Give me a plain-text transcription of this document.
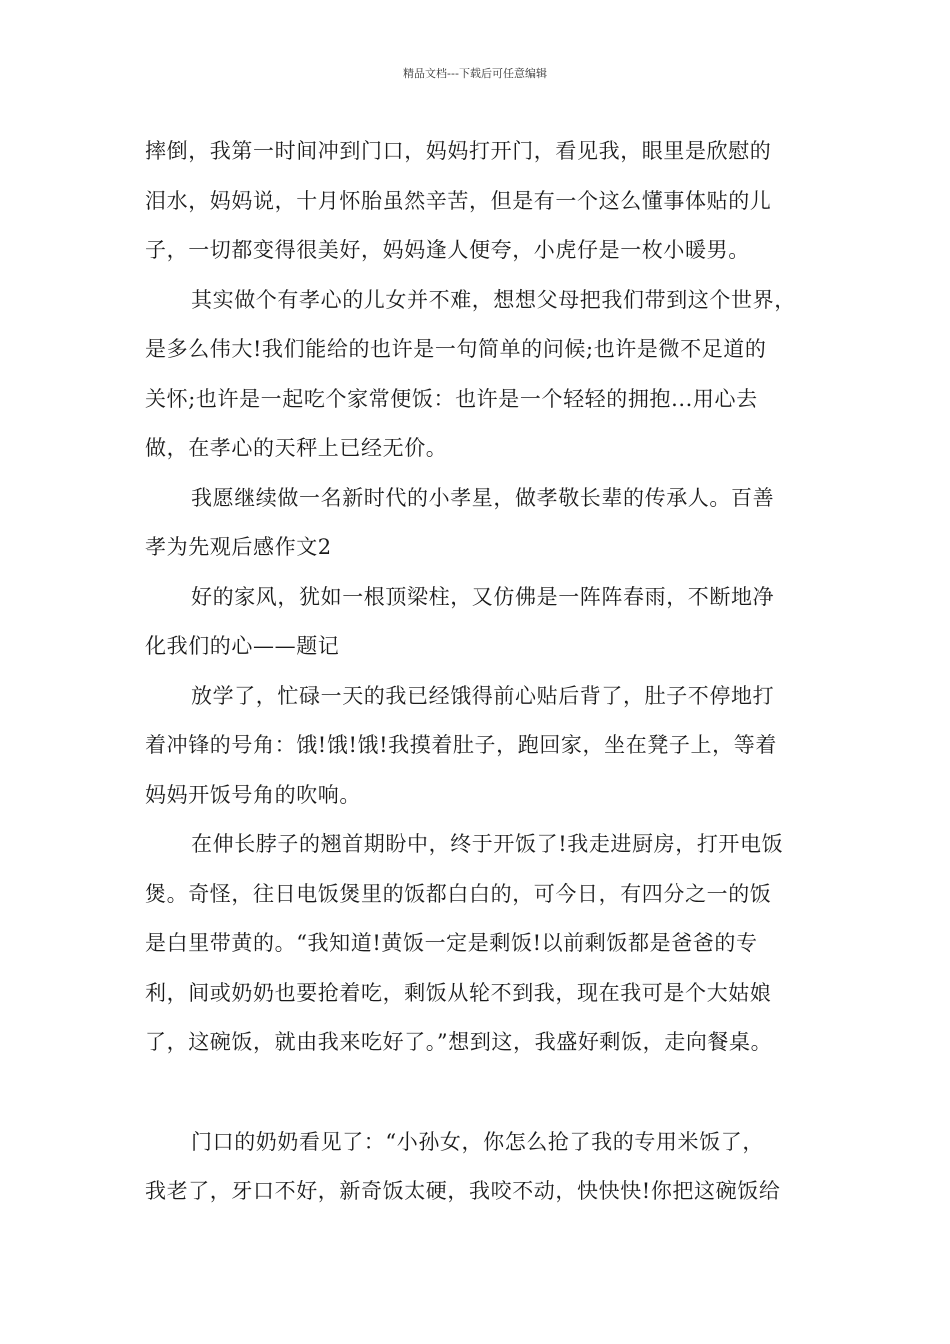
精品文档---下载后可任意编辑

摔倒，我第一时间冲到门口，妈妈打开门，看见我，眼里是欣慰的
泪水，妈妈说，十月怀胎虽然辛苦，但是有一个这么懂事体贴的儿
子，一切都变得很美好，妈妈逢人便夸，小虎仔是一枚小暖男。

其实做个有孝心的儿女并不难，想想父母把我们带到这个世界，
是多么伟大!我们能给的也许是一句简单的问候;也许是微不足道的
关怀;也许是一起吃个家常便饭：也许是一个轻轻的拥抱...用心去
做，在孝心的天秤上已经无价。

我愿继续做一名新时代的小孝星，做孝敬长辈的传承人。百善
孝为先观后感作文2

好的家风，犹如一根顶梁柱，又仿佛是一阵阵春雨，不断地净
化我们的心——题记

放学了，忙碌一天的我已经饿得前心贴后背了，肚子不停地打
着冲锋的号角：饿!饿!饿!我摸着肚子，跑回家，坐在凳子上，等着
妈妈开饭号角的吹响。

在伸长脖子的翘首期盼中，终于开饭了!我走进厨房，打开电饭
煲。奇怪，往日电饭煲里的饭都白白的，可今日，有四分之一的饭
是白里带黄的。“我知道!黄饭一定是剩饭!以前剩饭都是爸爸的专
利，间或奶奶也要抢着吃，剩饭从轮不到我，现在我可是个大姑娘
了，这碗饭，就由我来吃好了。”想到这，我盛好剩饭，走向餐桌。

门口的奶奶看见了：“小孙女，你怎么抢了我的专用米饭了，
我老了，牙口不好，新奇饭太硬，我咬不动，快快快!你把这碗饭给
